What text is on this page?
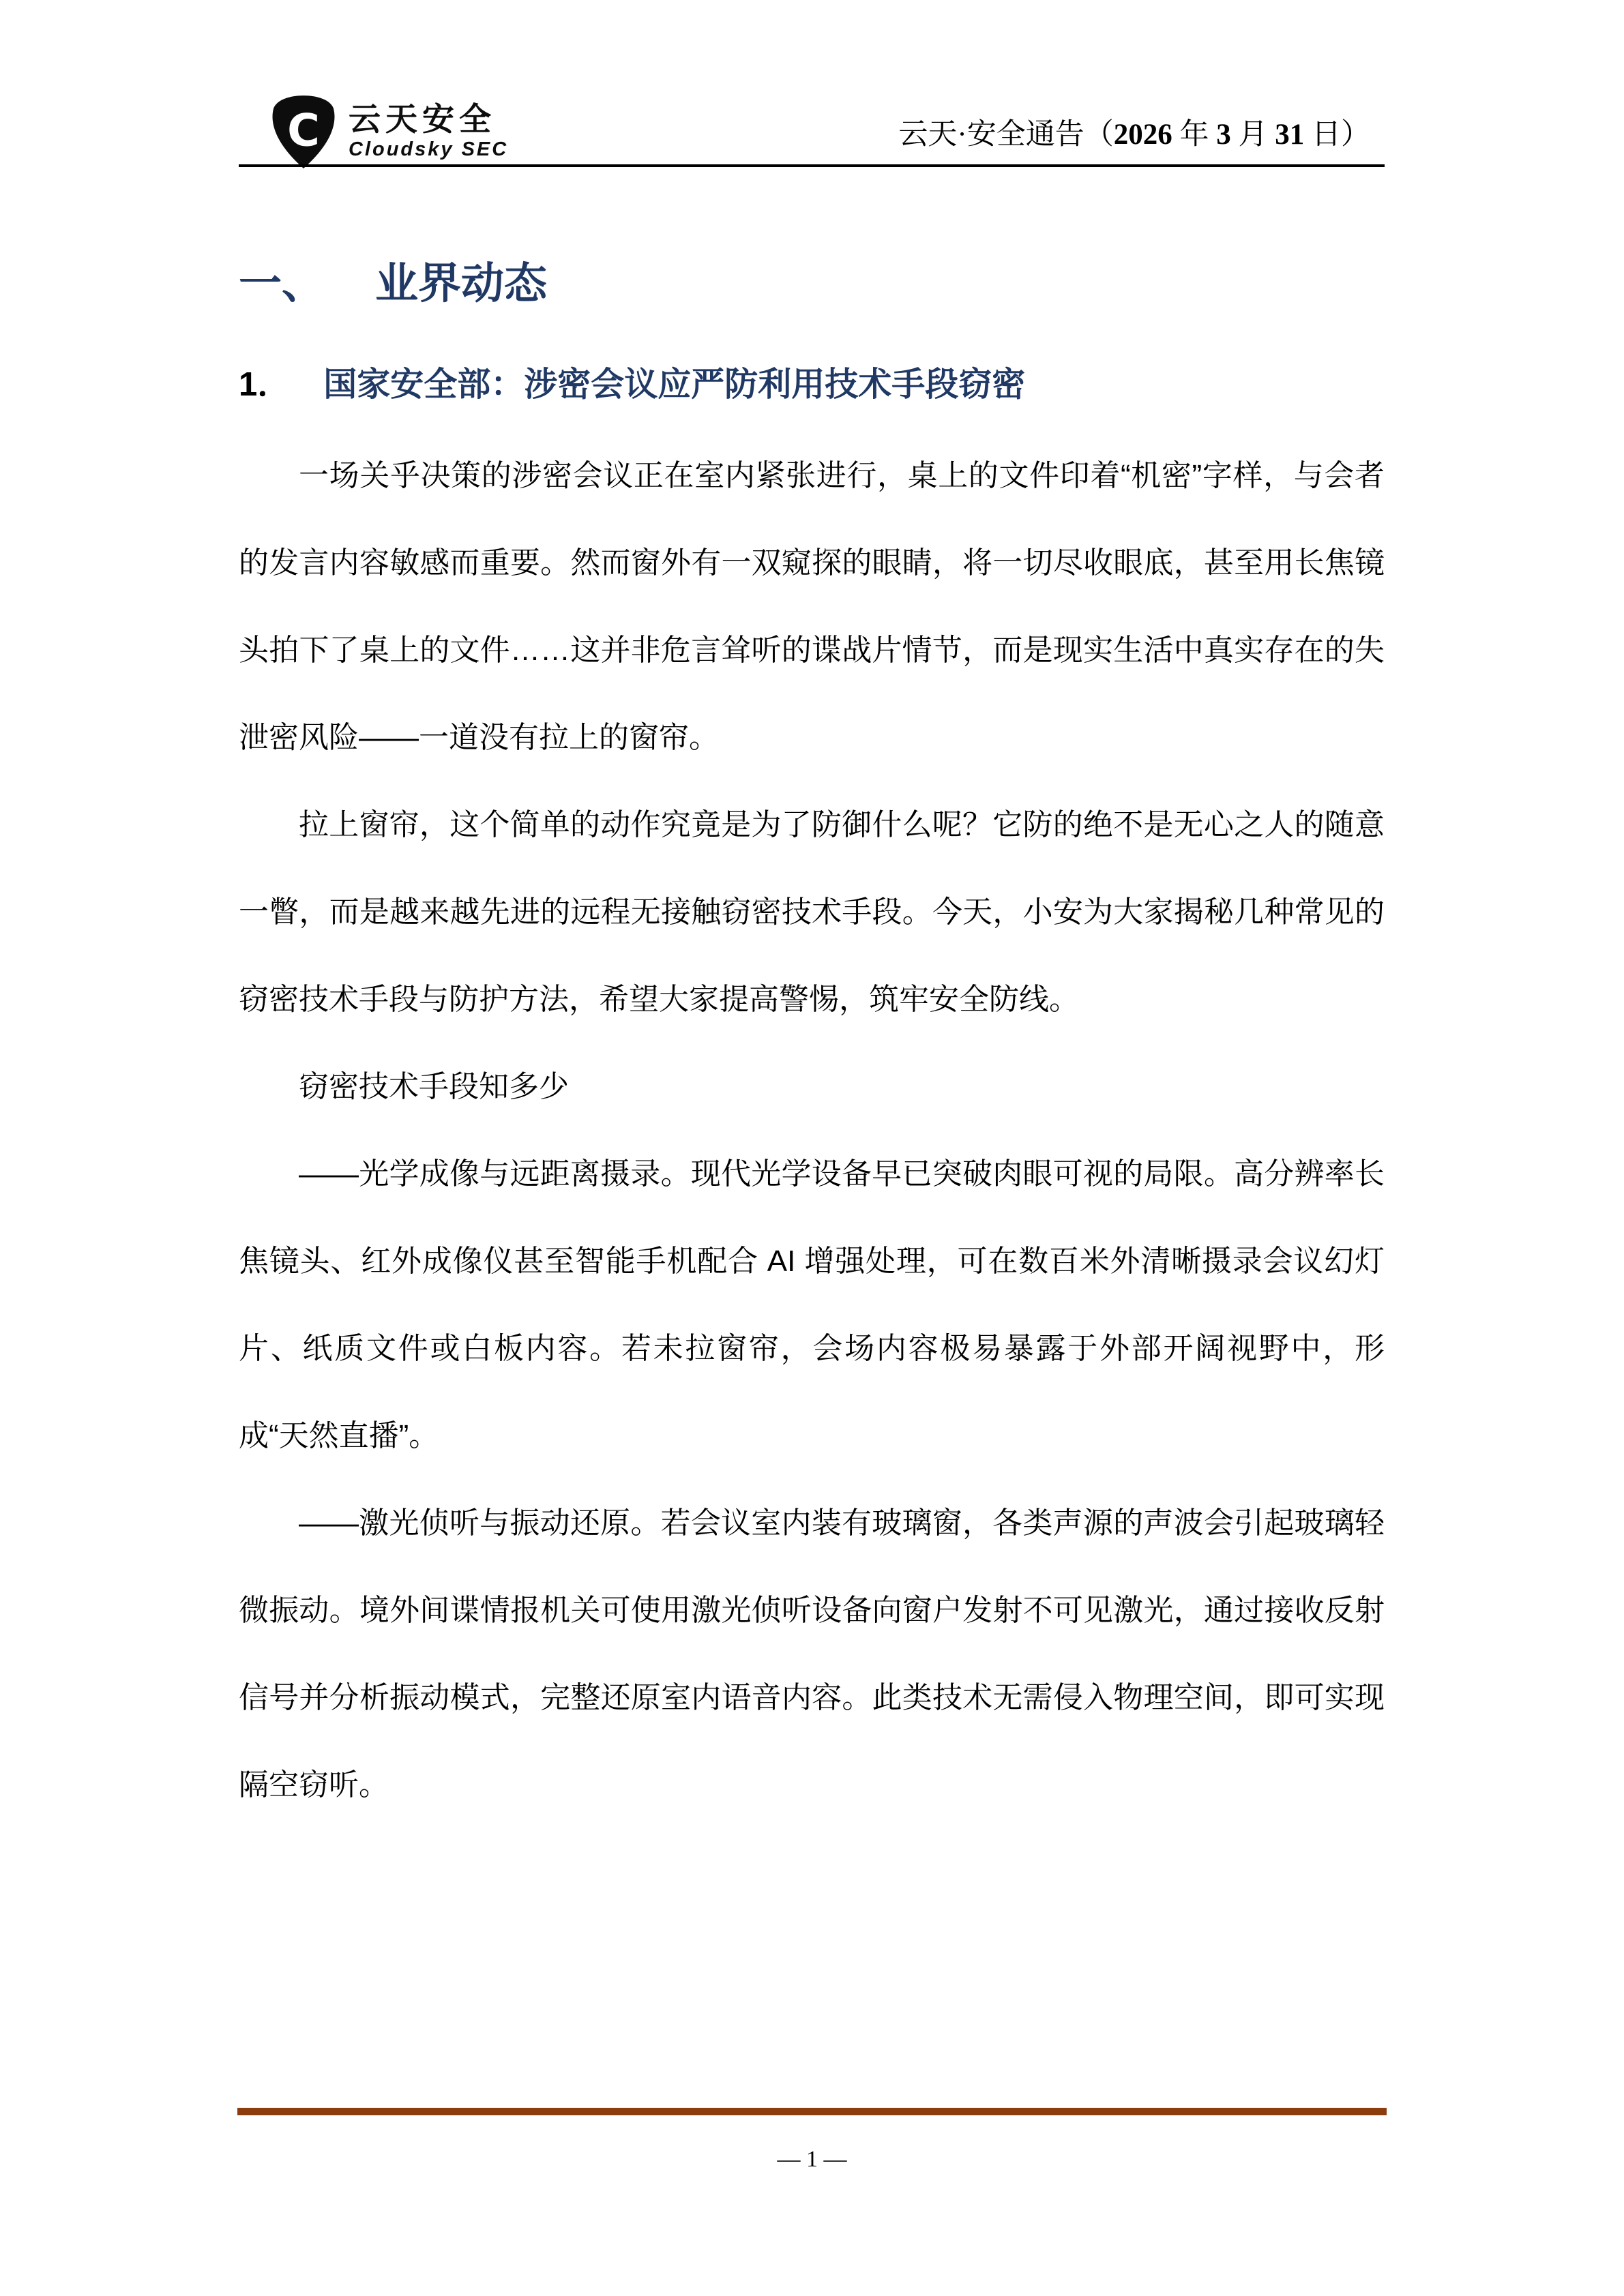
C 云天安全
Cloudsky SEC	云天·安全通告（2026 年 3 月 31 日）
一、 业界动态
1． 国家安全部：涉密会议应严防利用技术手段窃密

一场关乎决策的涉密会议正在室内紧张进行，桌上的文件印着“机密”字样，与会者的发言内容敏感而重要。然而窗外有一双窥探的眼睛，将一切尽收眼底，甚至用长焦镜头拍下了桌上的文件……这并非危言耸听的谍战片情节，而是现实生活中真实存在的失泄密风险——一道没有拉上的窗帘。

拉上窗帘，这个简单的动作究竟是为了防御什么呢？它防的绝不是无心之人的随意一瞥，而是越来越先进的远程无接触窃密技术手段。今天，小安为大家揭秘几种常见的窃密技术手段与防护方法，希望大家提高警惕，筑牢安全防线。

窃密技术手段知多少

——光学成像与远距离摄录。现代光学设备早已突破肉眼可视的局限。高分辨率长焦镜头、红外成像仪甚至智能手机配合 AI 增强处理，可在数百米外清晰摄录会议幻灯片、纸质文件或白板内容。若未拉窗帘，会场内容极易暴露于外部开阔视野中，形成“天然直播”。

——激光侦听与振动还原。若会议室内装有玻璃窗，各类声源的声波会引起玻璃轻微振动。境外间谍情报机关可使用激光侦听设备向窗户发射不可见激光，通过接收反射信号并分析振动模式，完整还原室内语音内容。此类技术无需侵入物理空间，即可实现隔空窃听。

— 1 —
